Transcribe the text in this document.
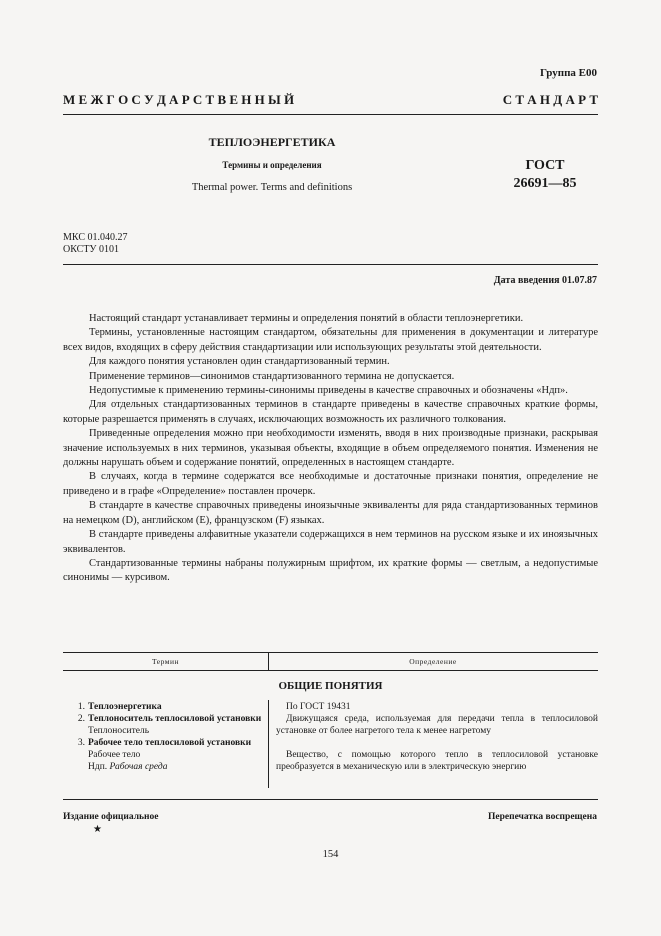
Группа Е00
М Е Ж Г О С У Д А Р С Т В Е Н Н Ы Й	С Т А Н Д А Р Т
ТЕПЛОЭНЕРГЕТИКА
Термины и определения
Thermal power. Terms and definitions
ГОСТ
26691—85
МКС 01.040.27
ОКСТУ 0101
Дата введения 01.07.87

Настоящий стандарт устанавливает термины и определения понятий в области теплоэнергетики.

Термины, установленные настоящим стандартом, обязательны для применения в документации и литературе всех видов, входящих в сферу действия стандартизации или использующих результаты этой деятельности.

Для каждого понятия установлен один стандартизованный термин.

Применение терминов—синонимов стандартизованного термина не допускается.

Недопустимые к применению термины-синонимы приведены в качестве справочных и обозначены «Ндп».

Для отдельных стандартизованных терминов в стандарте приведены в качестве справочных краткие формы, которые разрешается применять в случаях, исключающих возможность их различного толкования.

Приведенные определения можно при необходимости изменять, вводя в них производные признаки, раскрывая значение используемых в них терминов, указывая объекты, входящие в объем определяемого понятия. Изменения не должны нарушать объем и содержание понятий, определенных в настоящем стандарте.

В случаях, когда в термине содержатся все необходимые и достаточные признаки понятия, определение не приведено и в графе «Определение» поставлен прочерк.

В стандарте в качестве справочных приведены иноязычные эквиваленты для ряда стандартизованных терминов на немецком (D), английском (E), французском (F) языках.

В стандарте приведены алфавитные указатели содержащихся в нем терминов на русском языке и их иноязычных эквивалентов.

Стандартизованные термины набраны полужирным шрифтом, их краткие формы — светлым, а недопустимые синонимы — курсивом.

Термин	Определение
ОБЩИЕ ПОНЯТИЯ
1. Теплоэнергетика
2. Теплоноситель теплосиловой установки
Теплоноситель
3. Рабочее тело теплосиловой установки
Рабочее тело
Ндп. Рабочая среда
По ГОСТ 19431
Движущаяся среда, используемая для передачи тепла в теплосиловой установке от более нагретого тела к менее нагретому
Вещество, с помощью которого тепло в теплосиловой установке преобразуется в механическую или в электрическую энергию
Издание официальное
★
Перепечатка воспрещена
154
